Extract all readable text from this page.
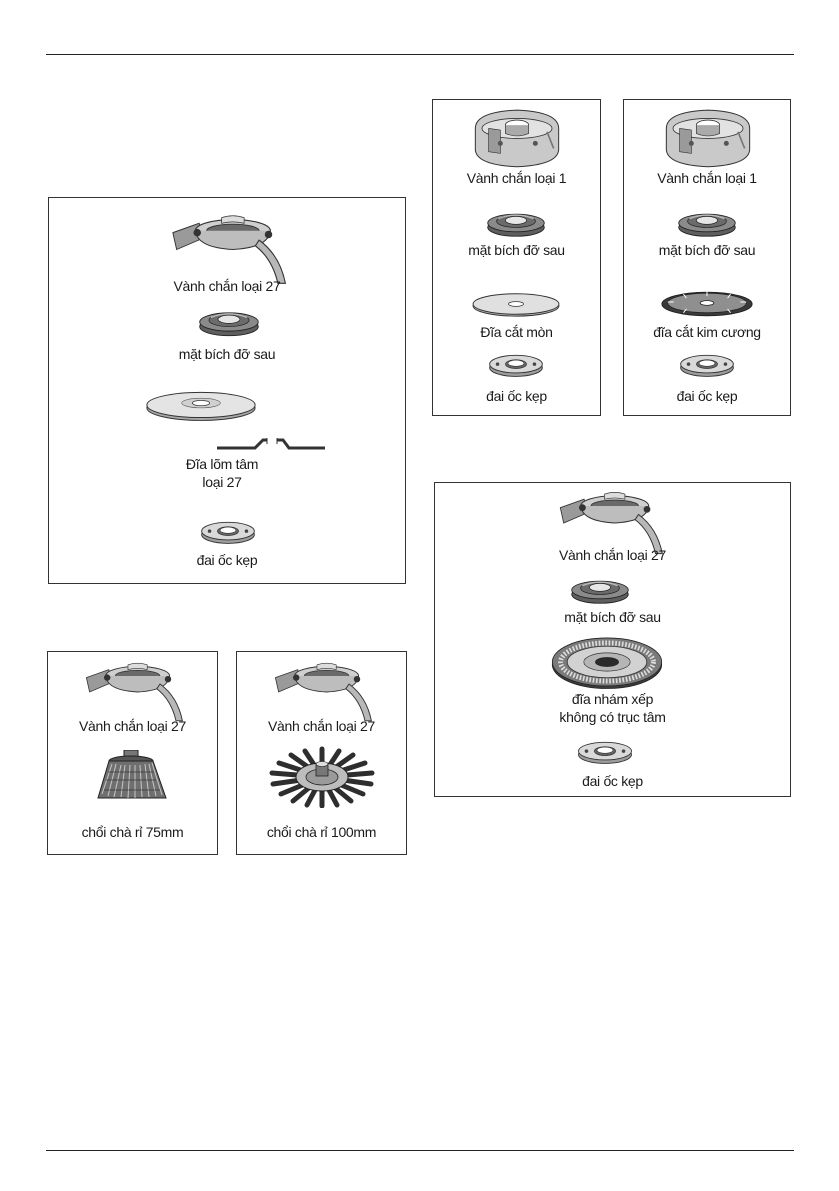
Vành chắn loại 27
mặt bích đỡ sau
Đĩa lõm tâm
loại 27
đai ốc kẹp
Vành chắn loại 1
mặt bích đỡ sau
Đĩa cắt mòn
đai ốc kẹp
Vành chắn loại 1
mặt bích đỡ sau
đĩa cắt kim cương
đai ốc kẹp
Vành chắn loại 27
mặt bích đỡ sau
đĩa nhám xếp
không có trục tâm
đai ốc kẹp
Vành chắn loại 27
chổi chà rỉ 75mm
Vành chắn loại 27
chổi chà rỉ 100mm
